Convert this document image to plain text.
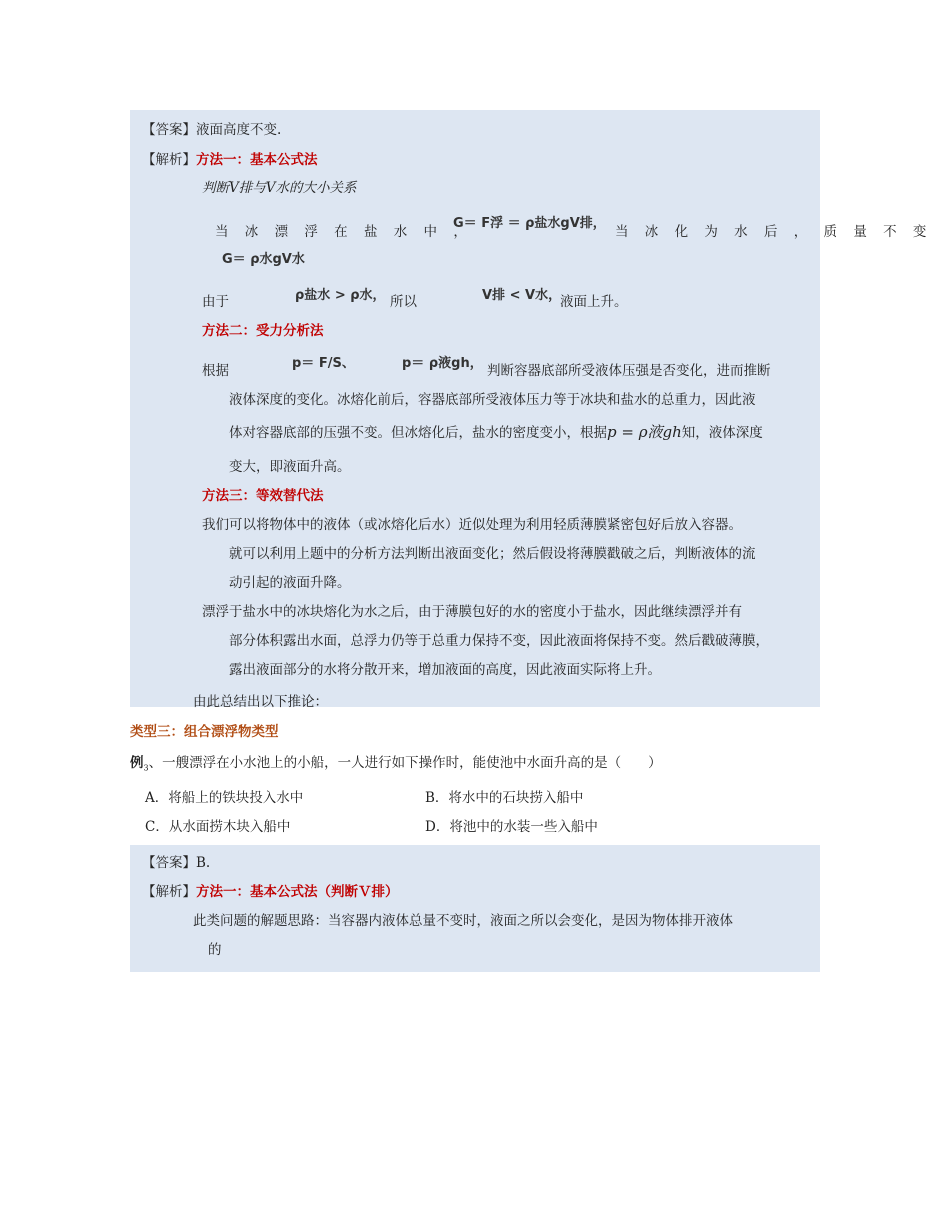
【答案】液面高度不变.
【解析】方法一：基本公式法
判断V排与V水的大小关系
当 冰 漂 浮 在 盐 水 中 ，
G＝ F浮 ＝ ρ盐水gV排，
当 冰 化 为 水 后 ， 质 量 不 变
G＝ ρ水gV水
由于	ρ盐水 > ρ水， 所以	V排 < V水，
液面上升。
方法二：受力分析法
根据	p＝ F/S、	p＝ ρ液gh， 判断容器底部所受液体压强是否变化，进而推断
液体深度的变化。冰熔化前后，容器底部所受液体压力等于冰块和盐水的总重力，因此液
体对容器底部的压强不变。但冰熔化后，盐水的密度变小，根据p = ρ液gh知，液体深度
变大，即液面升高。
方法三：等效替代法
我们可以将物体中的液体（或冰熔化后水）近似处理为利用轻质薄膜紧密包好后放入容器。
就可以利用上题中的分析方法判断出液面变化；然后假设将薄膜戳破之后，判断液体的流
动引起的液面升降。
漂浮于盐水中的冰块熔化为水之后，由于薄膜包好的水的密度小于盐水，因此继续漂浮并有
部分体积露出水面，总浮力仍等于总重力保持不变，因此液面将保持不变。然后戳破薄膜，
露出液面部分的水将分散开来，增加液面的高度，因此液面实际将上升。
由此总结出以下推论：
类型三：组合漂浮物类型
例$_3$、一艘漂浮在小水池上的小船，一人进行如下操作时，能使池中水面升高的是（　　）
A．将船上的铁块投入水中	B．将水中的石块捞入船中
C．从水面捞木块入船中	D．将池中的水装一些入船中
【答案】B.
【解析】方法一：基本公式法（判断Ｖ排）
此类问题的解题思路：当容器内液体总量不变时，液面之所以会变化，是因为物体排开液体
的
